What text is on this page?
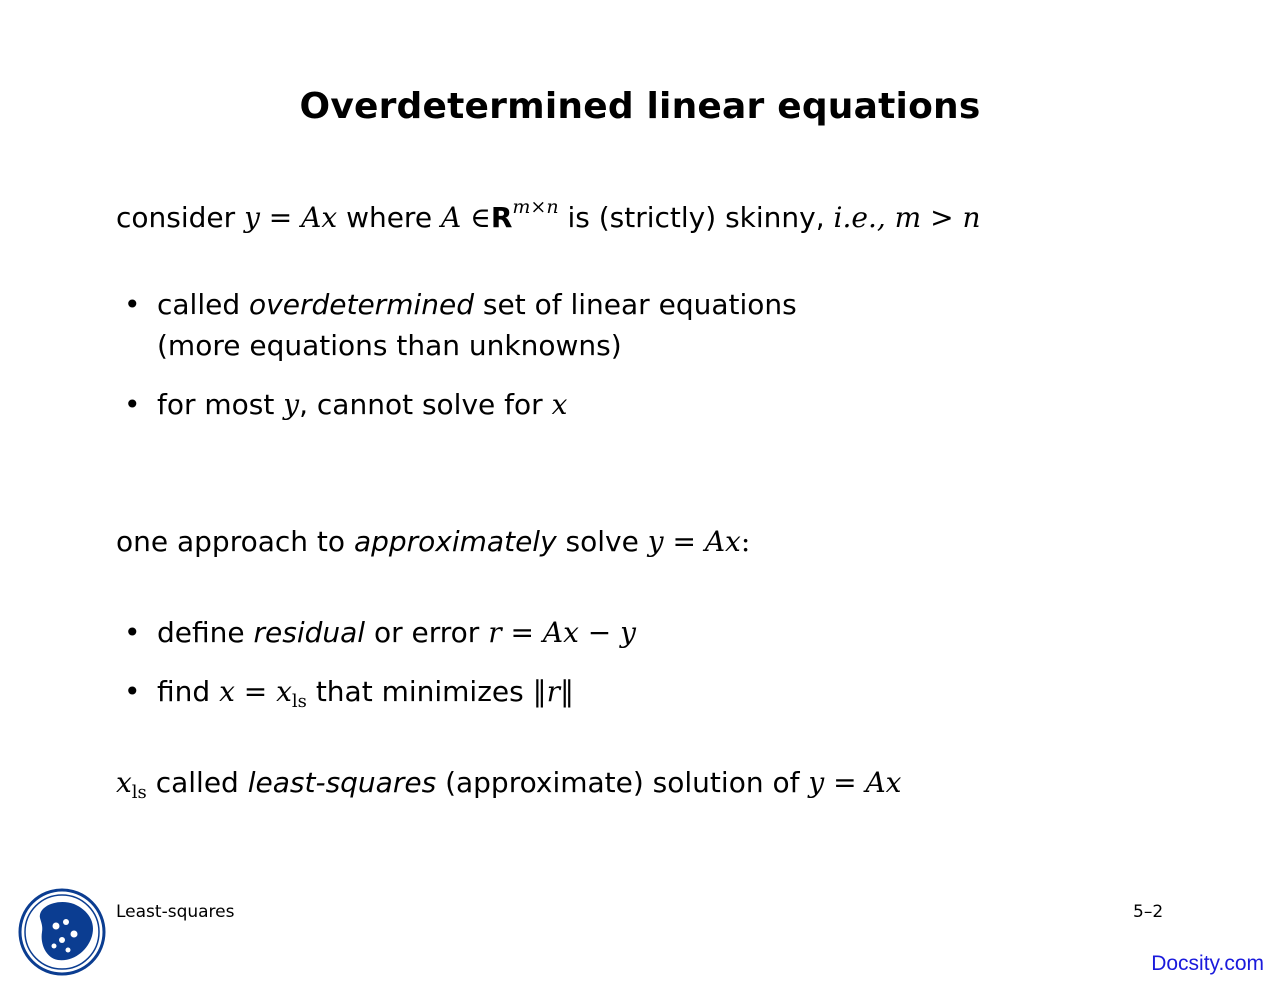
Overdetermined linear equations
consider y = Ax where A $\in R^{m\times n}$ is (strictly) skinny, i.e., m > n
• called overdetermined set of linear equations
(more equations than unknowns)
• for most y, cannot solve for x
one approach to approximately solve y = Ax:
• define residual or error r = Ax − y
• find $x = x_{ls}$ that minimizes ‖r‖
$x_{ls}$ called least-squares (approximate) solution of y = Ax
Least-squares	5–2
Docsity.com
